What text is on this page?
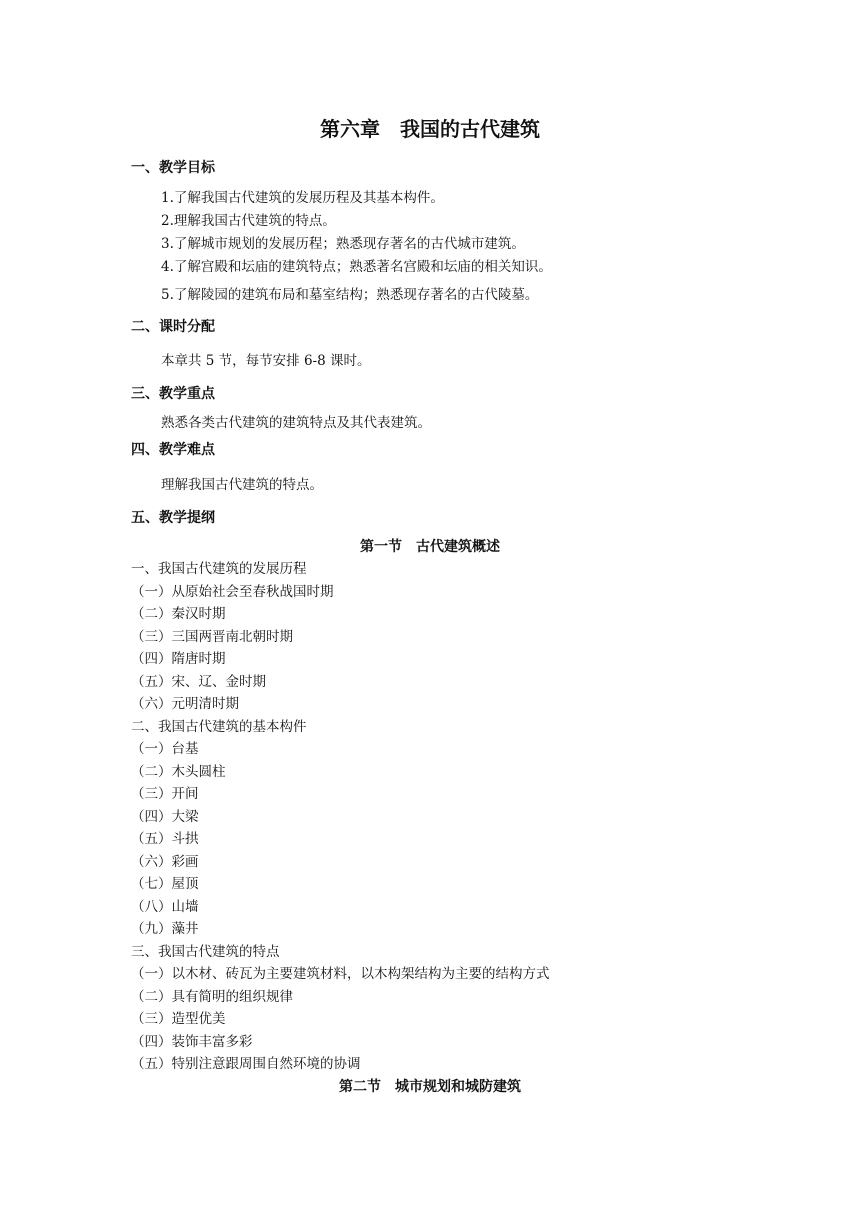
第六章　我国的古代建筑
一、教学目标
1.了解我国古代建筑的发展历程及其基本构件。
2.理解我国古代建筑的特点。
3.了解城市规划的发展历程；熟悉现存著名的古代城市建筑。
4.了解宫殿和坛庙的建筑特点；熟悉著名宫殿和坛庙的相关知识。
5.了解陵园的建筑布局和墓室结构；熟悉现存著名的古代陵墓。
二、课时分配
本章共 5 节，每节安排 6-8 课时。
三、教学重点
熟悉各类古代建筑的建筑特点及其代表建筑。
四、教学难点
理解我国古代建筑的特点。
五、教学提纲
第一节　古代建筑概述
一、我国古代建筑的发展历程
（一）从原始社会至春秋战国时期
（二）秦汉时期
（三）三国两晋南北朝时期
（四）隋唐时期
（五）宋、辽、金时期
（六）元明清时期
二、我国古代建筑的基本构件
（一）台基
（二）木头圆柱
（三）开间
（四）大梁
（五）斗拱
（六）彩画
（七）屋顶
（八）山墙
（九）藻井
三、我国古代建筑的特点
（一）以木材、砖瓦为主要建筑材料，以木构架结构为主要的结构方式
（二）具有简明的组织规律
（三）造型优美
（四）装饰丰富多彩
（五）特别注意跟周围自然环境的协调
第二节　城市规划和城防建筑
